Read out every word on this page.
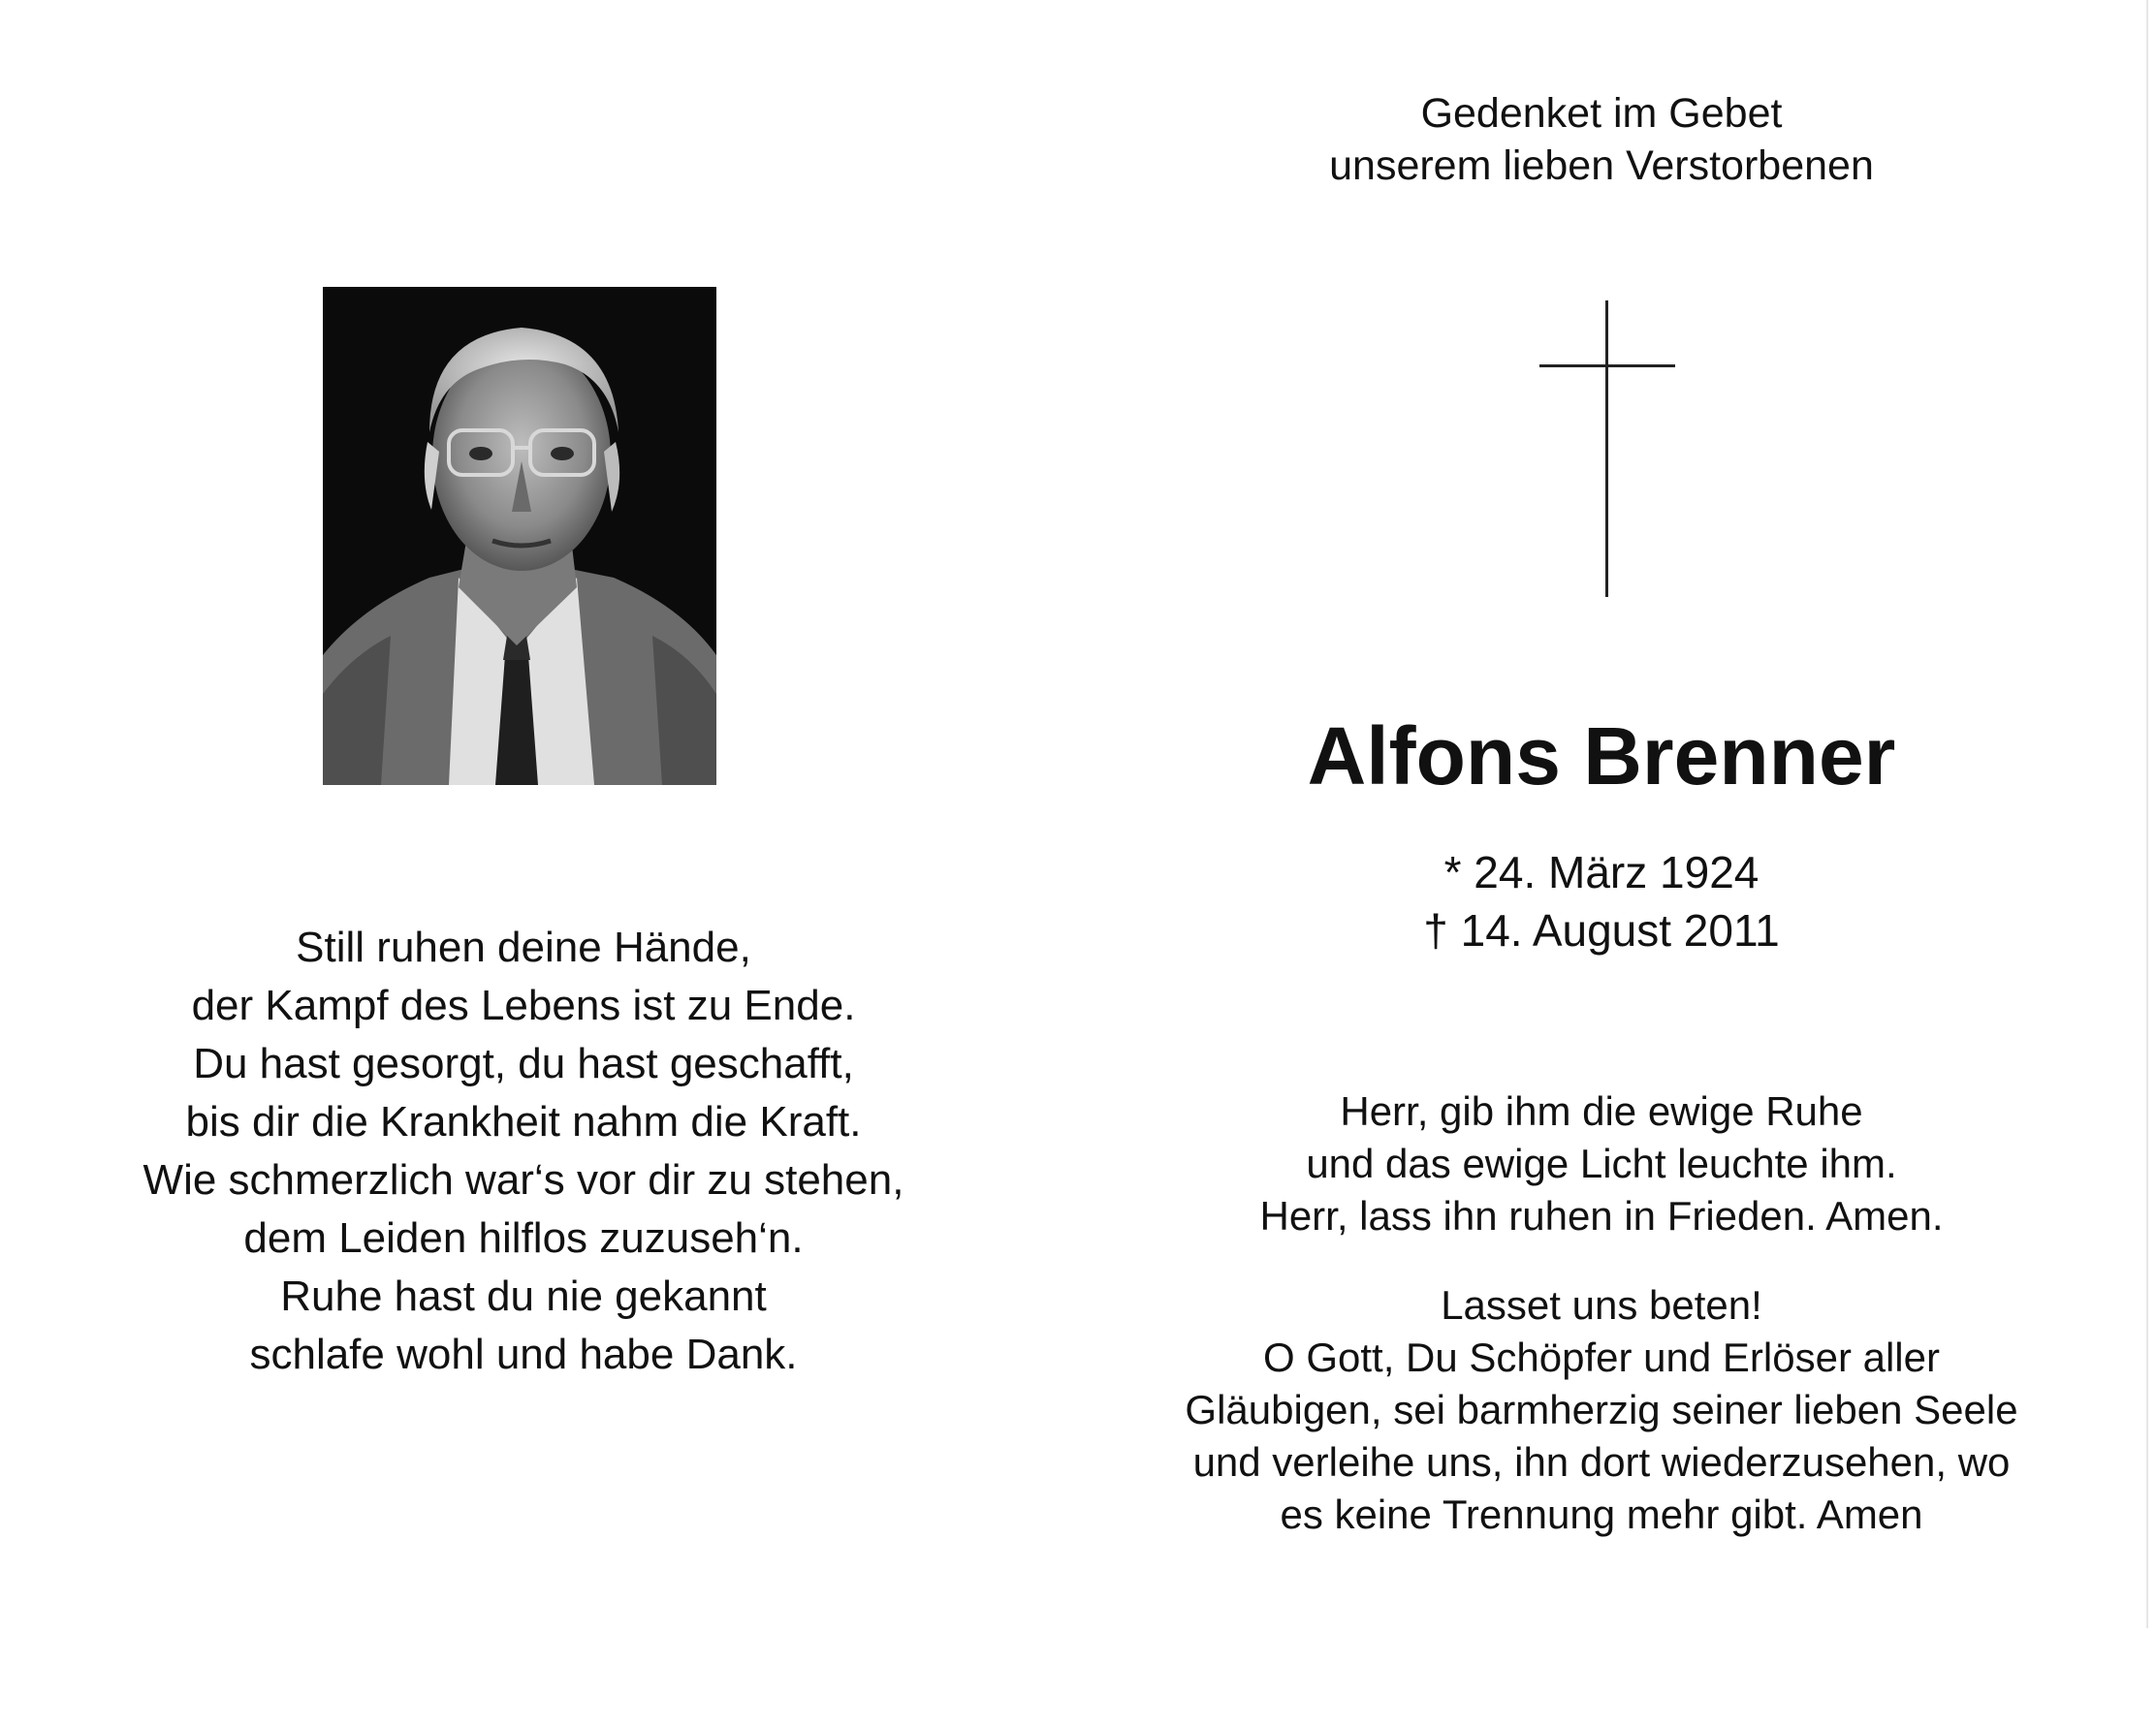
Still ruhen deine Hände,
der Kampf des Lebens ist zu Ende.
Du hast gesorgt, du hast geschafft,
bis dir die Krankheit nahm die Kraft.
Wie schmerzlich war‘s vor dir zu stehen,
dem Leiden hilflos zuzuseh‘n.
Ruhe hast du nie gekannt
schlafe wohl und habe Dank.
Gedenket im Gebet
unserem lieben Verstorbenen
Alfons Brenner
* 24. März 1924
† 14. August 2011
Herr, gib ihm die ewige Ruhe
und das ewige Licht leuchte ihm.
Herr, lass ihn ruhen in Frieden. Amen.
Lasset uns beten!
O Gott, Du Schöpfer und Erlöser aller
Gläubigen, sei barmherzig seiner lieben Seele
und verleihe uns, ihn dort wiederzusehen, wo
es keine Trennung mehr gibt. Amen
